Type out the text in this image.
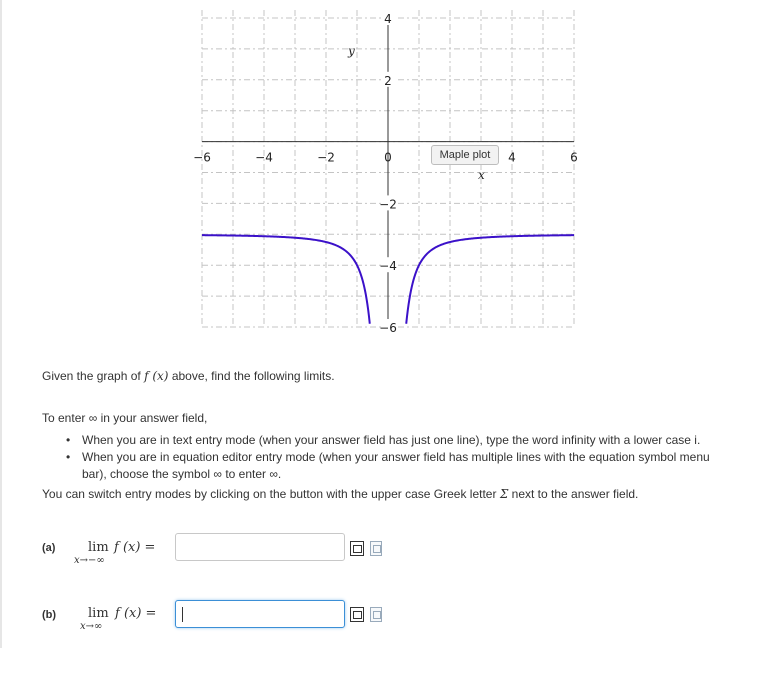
−6	−4	−2	0	4	6
4
2
−2
−4
−6
y
x
Maple plot
Given the graph of f (x) above, find the following limits.
To enter ∞ in your answer field,

• When you are in text entry mode (when your answer field has just one line), type the word infinity with a lower case i.

• When you are in equation editor entry mode (when your answer field has multiple lines with the equation symbol menu
bar), choose the symbol ∞ to enter ∞.

You can switch entry modes by clicking on the button with the upper case Greek letter Σ next to the answer field.
(a)	lim
x→−∞
f (x) =
(b) lim
x→∞
f (x) =
